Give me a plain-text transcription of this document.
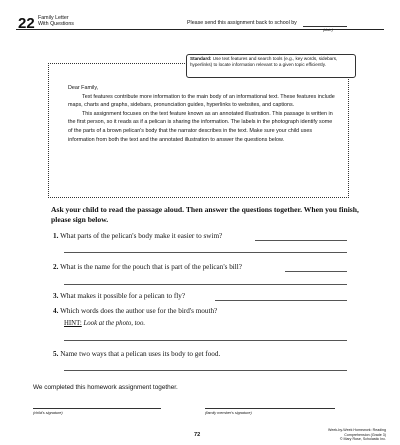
22 Family Letter
With Questions	Please send this assignment back to school by
(date)
Standard: Use text features and search tools (e.g., key words, sidebars, hyperlinks) to locate information relevant to a given topic efficiently.

Dear Family,

Text features contribute more information to the main body of an informational text. These features include maps, charts and graphs, sidebars, pronunciation guides, hyperlinks to websites, and captions.

This assignment focuses on the text feature known as an annotated illustration. This passage is written in the first person, so it reads as if a pelican is sharing the information. The labels in the photograph identify some of the parts of a brown pelican's body that the narrator describes in the text. Make sure your child uses information from both the text and the annotated illustration to answer the questions below.

Ask your child to read the passage aloud. Then answer the questions together. When you finish, please sign below.
1. What parts of the pelican's body make it easier to swim?
2. What is the name for the pouch that is part of the pelican's bill?
3. What makes it possible for a pelican to fly?
4. Which words does the author use for the bird's mouth?
HINT: Look at the photo, too.
5. Name two ways that a pelican uses its body to get food.
We completed this homework assignment together.
(child's signature)	(family member's signature)
72
Week-by-Week Homework: Reading Comprehension (Grade 3)
© Mary Rose, Scholastic Inc.
